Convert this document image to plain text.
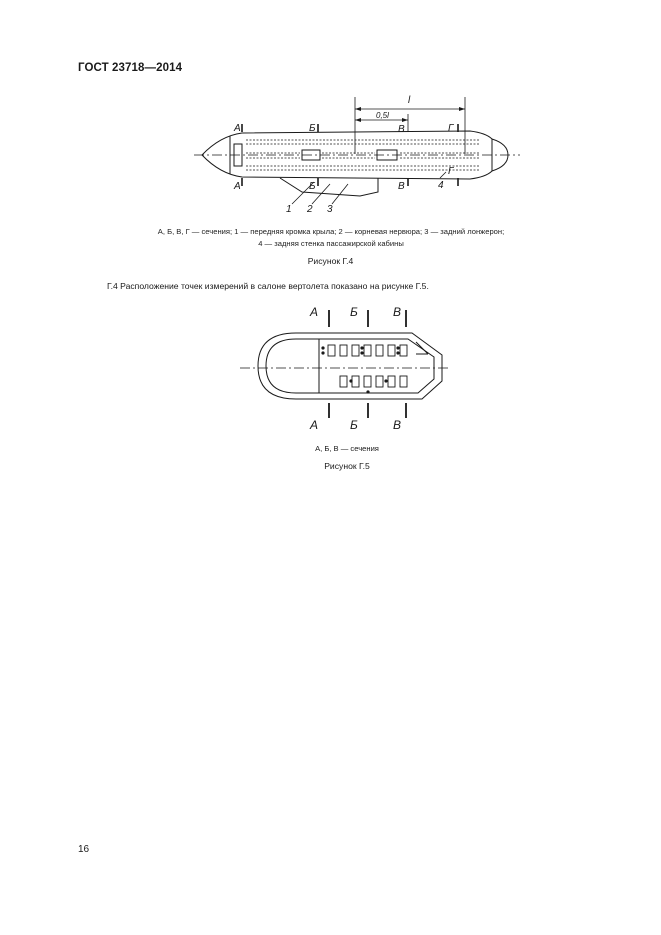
ГОСТ 23718—2014
l
0,5l
А
А
Б
Б
В
В
Г
Г
1 2 3
4
А, Б, В, Г — сечения; 1 — передняя кромка крыла; 2 — корневая нервюра; 3 — задний лонжерон;
4 — задняя стенка пассажирской кабины
Рисунок Г.4
Г.4 Расположение точек измерений в салоне вертолета показано на рисунке Г.5.
А	Б	В
А	Б	В
А, Б, В — сечения
Рисунок Г.5
16
